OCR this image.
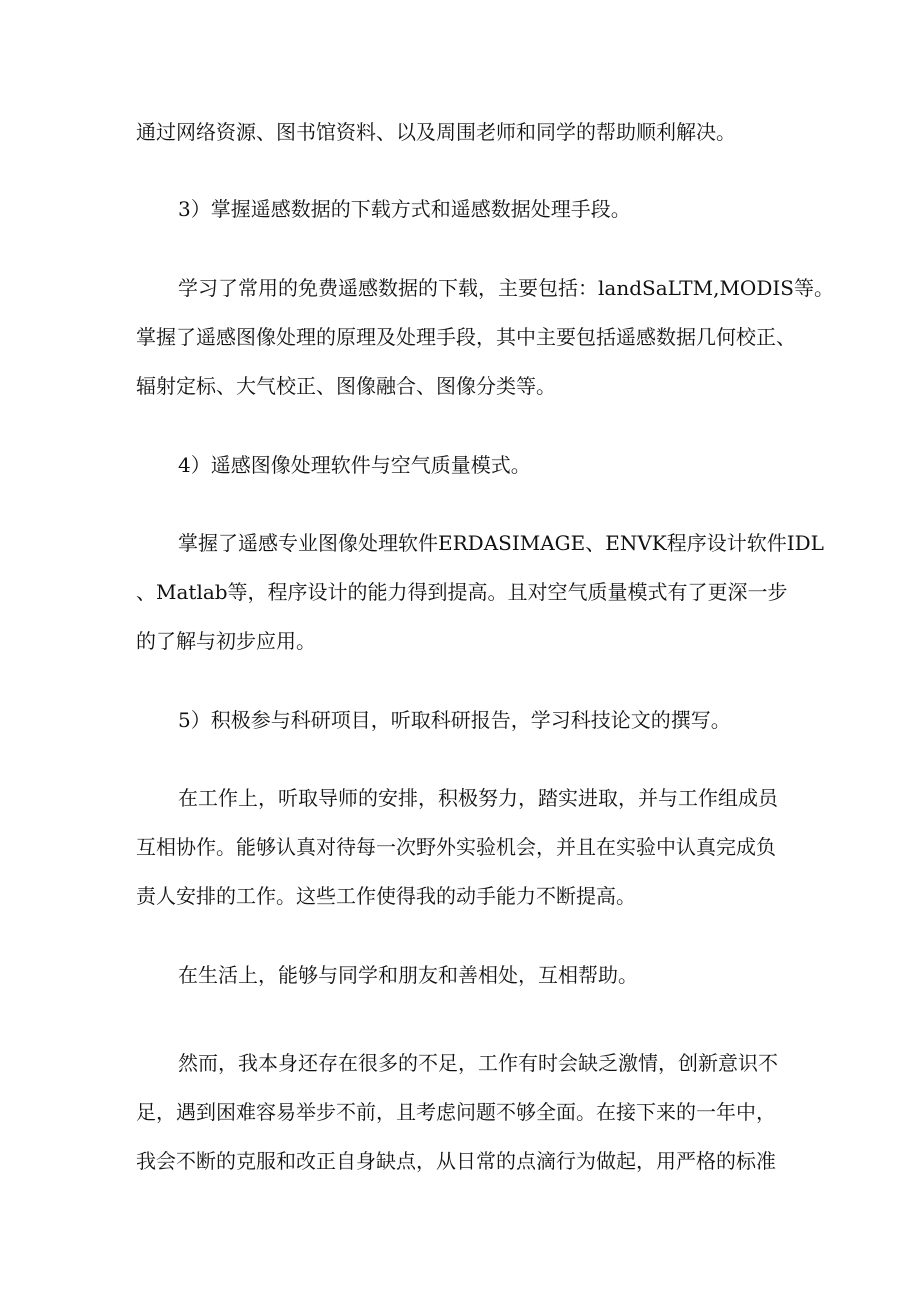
通过网络资源、图书馆资料、以及周围老师和同学的帮助顺利解决。

3）掌握遥感数据的下载方式和遥感数据处理手段。

学习了常用的免费遥感数据的下载，主要包括：landSaLTM,MODIS等。

掌握了遥感图像处理的原理及处理手段，其中主要包括遥感数据几何校正、

辐射定标、大气校正、图像融合、图像分类等。

4）遥感图像处理软件与空气质量模式。

掌握了遥感专业图像处理软件ERDASIMAGE、ENVK程序设计软件IDL

、Matlab等，程序设计的能力得到提高。且对空气质量模式有了更深一步

的了解与初步应用。

5）积极参与科研项目，听取科研报告，学习科技论文的撰写。

在工作上，听取导师的安排，积极努力，踏实进取，并与工作组成员

互相协作。能够认真对待每一次野外实验机会，并且在实验中认真完成负

责人安排的工作。这些工作使得我的动手能力不断提高。

在生活上，能够与同学和朋友和善相处，互相帮助。

然而，我本身还存在很多的不足，工作有时会缺乏激情，创新意识不

足，遇到困难容易举步不前，且考虑问题不够全面。在接下来的一年中，

我会不断的克服和改正自身缺点，从日常的点滴行为做起，用严格的标准
